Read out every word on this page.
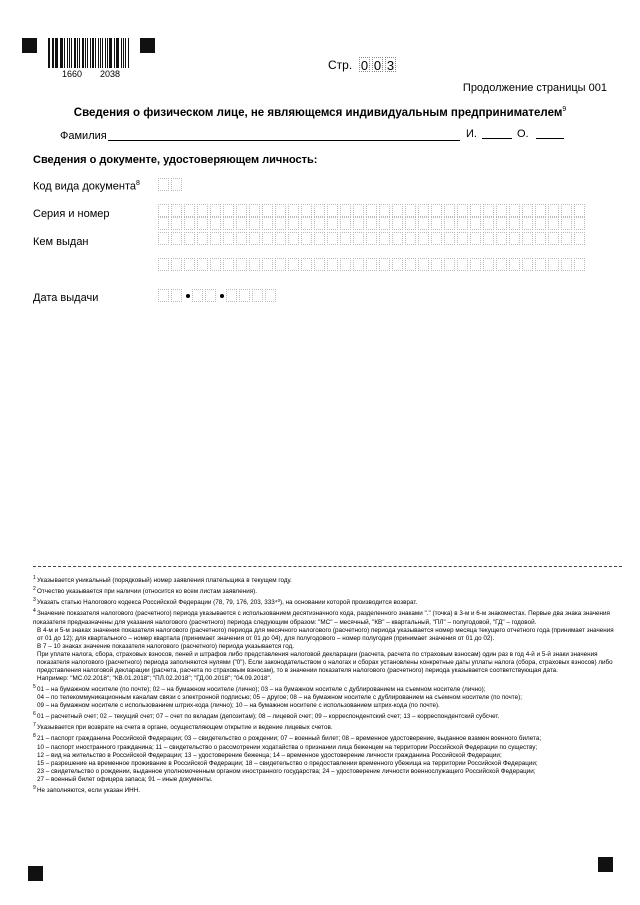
1660 2038
Стр. 0 0 3
Продолжение страницы 001
Сведения о физическом лице, не являющемся индивидуальным предпринимателем$^9$
Фамилия	И.	О.
Сведения о документе, удостоверяющем личность:
Код вида документа$^8$
Серия и номер
Кем выдан
Дата выдачи

1Указывается уникальный (порядковый) номер заявления плательщика в текущем году.

2Отчество указывается при наличии (относится ко всем листам заявления).

3Указать статью Налогового кодекса Российской Федерации (78, 79, 176, 203, 333⁴⁰), на основании которой производится возврат.

4Значение показателя налогового (расчетного) периода указывается с использованием десятизначного кода, разделенного знаками "." (точка) в 3-м и 6-м знакоместах. Первые два знака значения показателя предназначены для указания налогового (расчетного) периода следующим образом: "МС" – месячный, "КВ" – квартальный, "ПЛ" – полугодовой, "ГД" – годовой.

В 4-м и 5-м знаках значения показателя налогового (расчетного) периода для месячного налогового (расчетного) периода указывается номер месяца текущего отчетного года (принимает значения от 01 до 12); для квартального – номер квартала (принимает значения от 01 до 04), для полугодового – номер полугодия (принимает значения от 01 до 02).

В 7 – 10 знаках значение показателя налогового (расчетного) периода указывается год.

При уплате налога, сбора, страховых взносов, пеней и штрафов либо представления налоговой декларации (расчета, расчета по страховым взносам) один раз в год 4-й и 5-й знаки значения показателя налогового (расчетного) периода заполняются нулями ("0"). Если законодательством о налогах и сборах установлены конкретные даты уплаты налога (сбора, страховых взносов) либо представления налоговой декларации (расчета, расчета по страховым взносам), то в значении показателя налогового (расчетного) периода указывается соответствующая дата.

Например: "МС.02.2018"; "КВ.01.2018"; "ПЛ.02.2018"; "ГД.00.2018"; "04.09.2018".

501 – на бумажном носителе (по почте); 02 – на бумажном носителе (лично); 03 – на бумажном носителе с дублированием на съемном носителе (лично);

04 – по телекоммуникационным каналам связи с электронной подписью; 05 – другое; 08 – на бумажном носителе с дублированием на съемном носителе (по почте);

09 – на бумажном носителе с использованием штрих-кода (лично); 10 – на бумажном носителе с использованием штрих-кода (по почте).

601 – расчетный счет; 02 – текущий счет; 07 – счет по вкладам (депозитам); 08 – лицевой счет; 09 – корреспондентский счет; 13 – корреспондентский субсчет.

7Указывается при возврате на счета в органе, осуществляющем открытие и ведение лицевых счетов.

821 – паспорт гражданина Российской Федерации; 03 – свидетельство о рождении; 07 – военный билет; 08 – временное удостоверение, выданное взамен военного билета;

10 – паспорт иностранного гражданина; 11 – свидетельство о рассмотрении ходатайства о признании лица беженцем на территории Российской Федерации по существу;

12 – вид на жительство в Российской Федерации; 13 – удостоверение беженца; 14 – временное удостоверение личности гражданина Российской Федерации;

15 – разрешение на временное проживание в Российской Федерации; 18 – свидетельство о предоставлении временного убежища на территории Российской Федерации;

23 – свидетельство о рождении, выданное уполномоченным органом иностранного государства; 24 – удостоверение личности военнослужащего Российской Федерации;

27 – военный билет офицера запаса; 91 – иные документы.

9Не заполняются, если указан ИНН.
